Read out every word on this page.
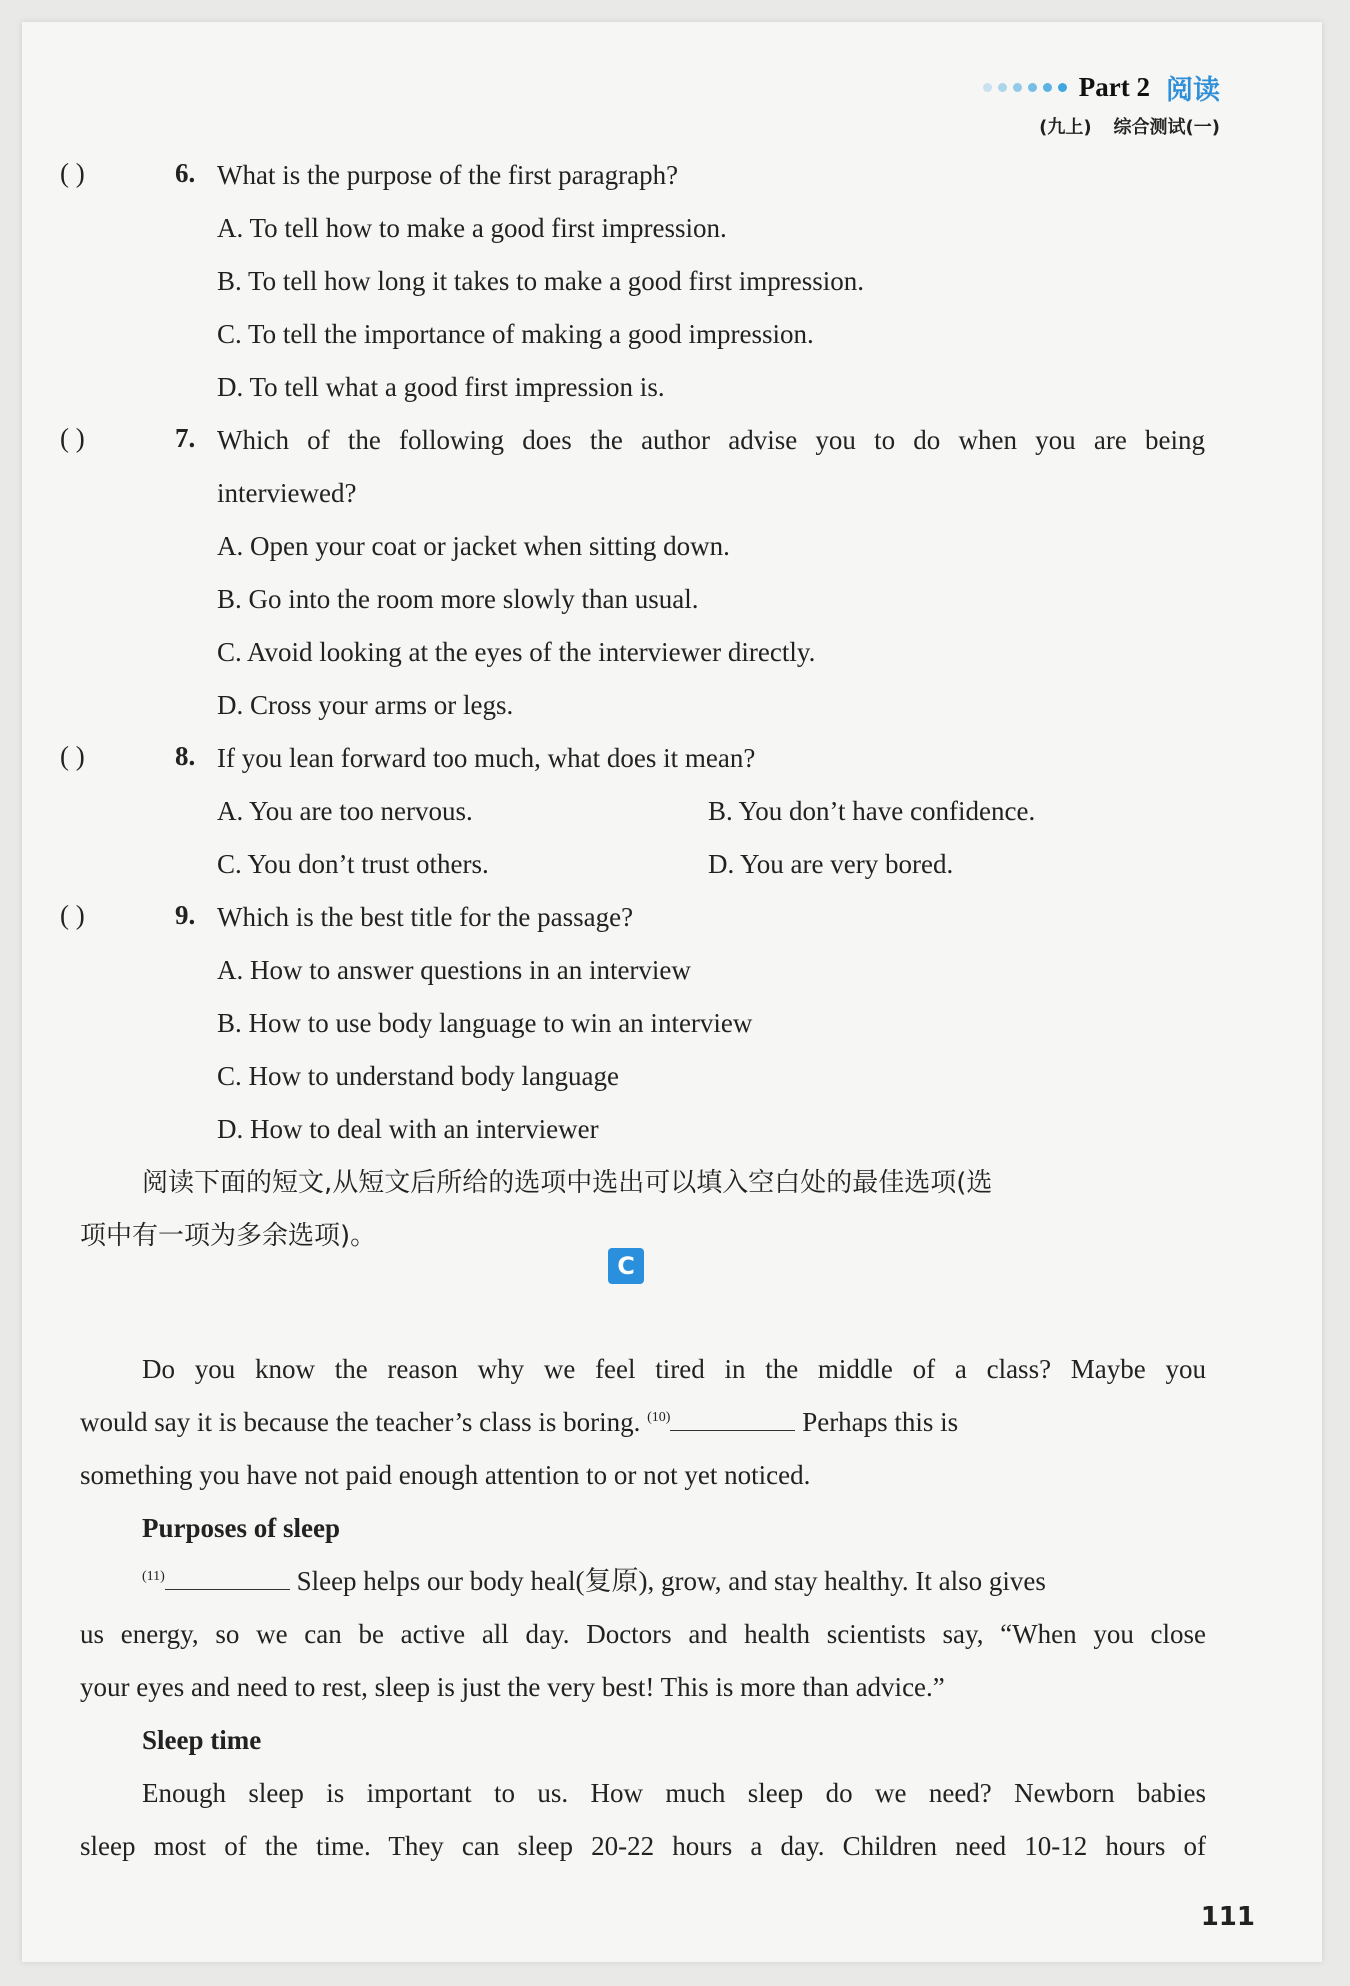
Part 2 阅读
(九上) 综合测试(一)
( )	6. What is the purpose of the first paragraph?
A. To tell how to make a good first impression.
B. To tell how long it takes to make a good first impression.
C. To tell the importance of making a good impression.
D. To tell what a good first impression is.
( )	7. Which of the following does the author advise you to do when you are being
interviewed?
A. Open your coat or jacket when sitting down.
B. Go into the room more slowly than usual.
C. Avoid looking at the eyes of the interviewer directly.
D. Cross your arms or legs.
( )	8. If you lean forward too much, what does it mean?
A. You are too nervous.	B. You don’t have confidence.
C. You don’t trust others.	D. You are very bored.
( )	9. Which is the best title for the passage?
A. How to answer questions in an interview
B. How to use body language to win an interview
C. How to understand body language
D. How to deal with an interviewer
阅读下面的短文,从短文后所给的选项中选出可以填入空白处的最佳选项(选
项中有一项为多余选项)。
C
Do you know the reason why we feel tired in the middle of a class? Maybe you
would say it is because the teacher’s class is boring. $^{(10)}$	Perhaps this is
something you have not paid enough attention to or not yet noticed.
Purposes of sleep
$^{(11)}$	Sleep helps our body heal(复原), grow, and stay healthy. It also gives
us energy, so we can be active all day. Doctors and health scientists say, “When you close
your eyes and need to rest, sleep is just the very best! This is more than advice.”
Sleep time
Enough sleep is important to us. How much sleep do we need? Newborn babies
sleep most of the time. They can sleep 20-22 hours a day. Children need 10-12 hours of
111
